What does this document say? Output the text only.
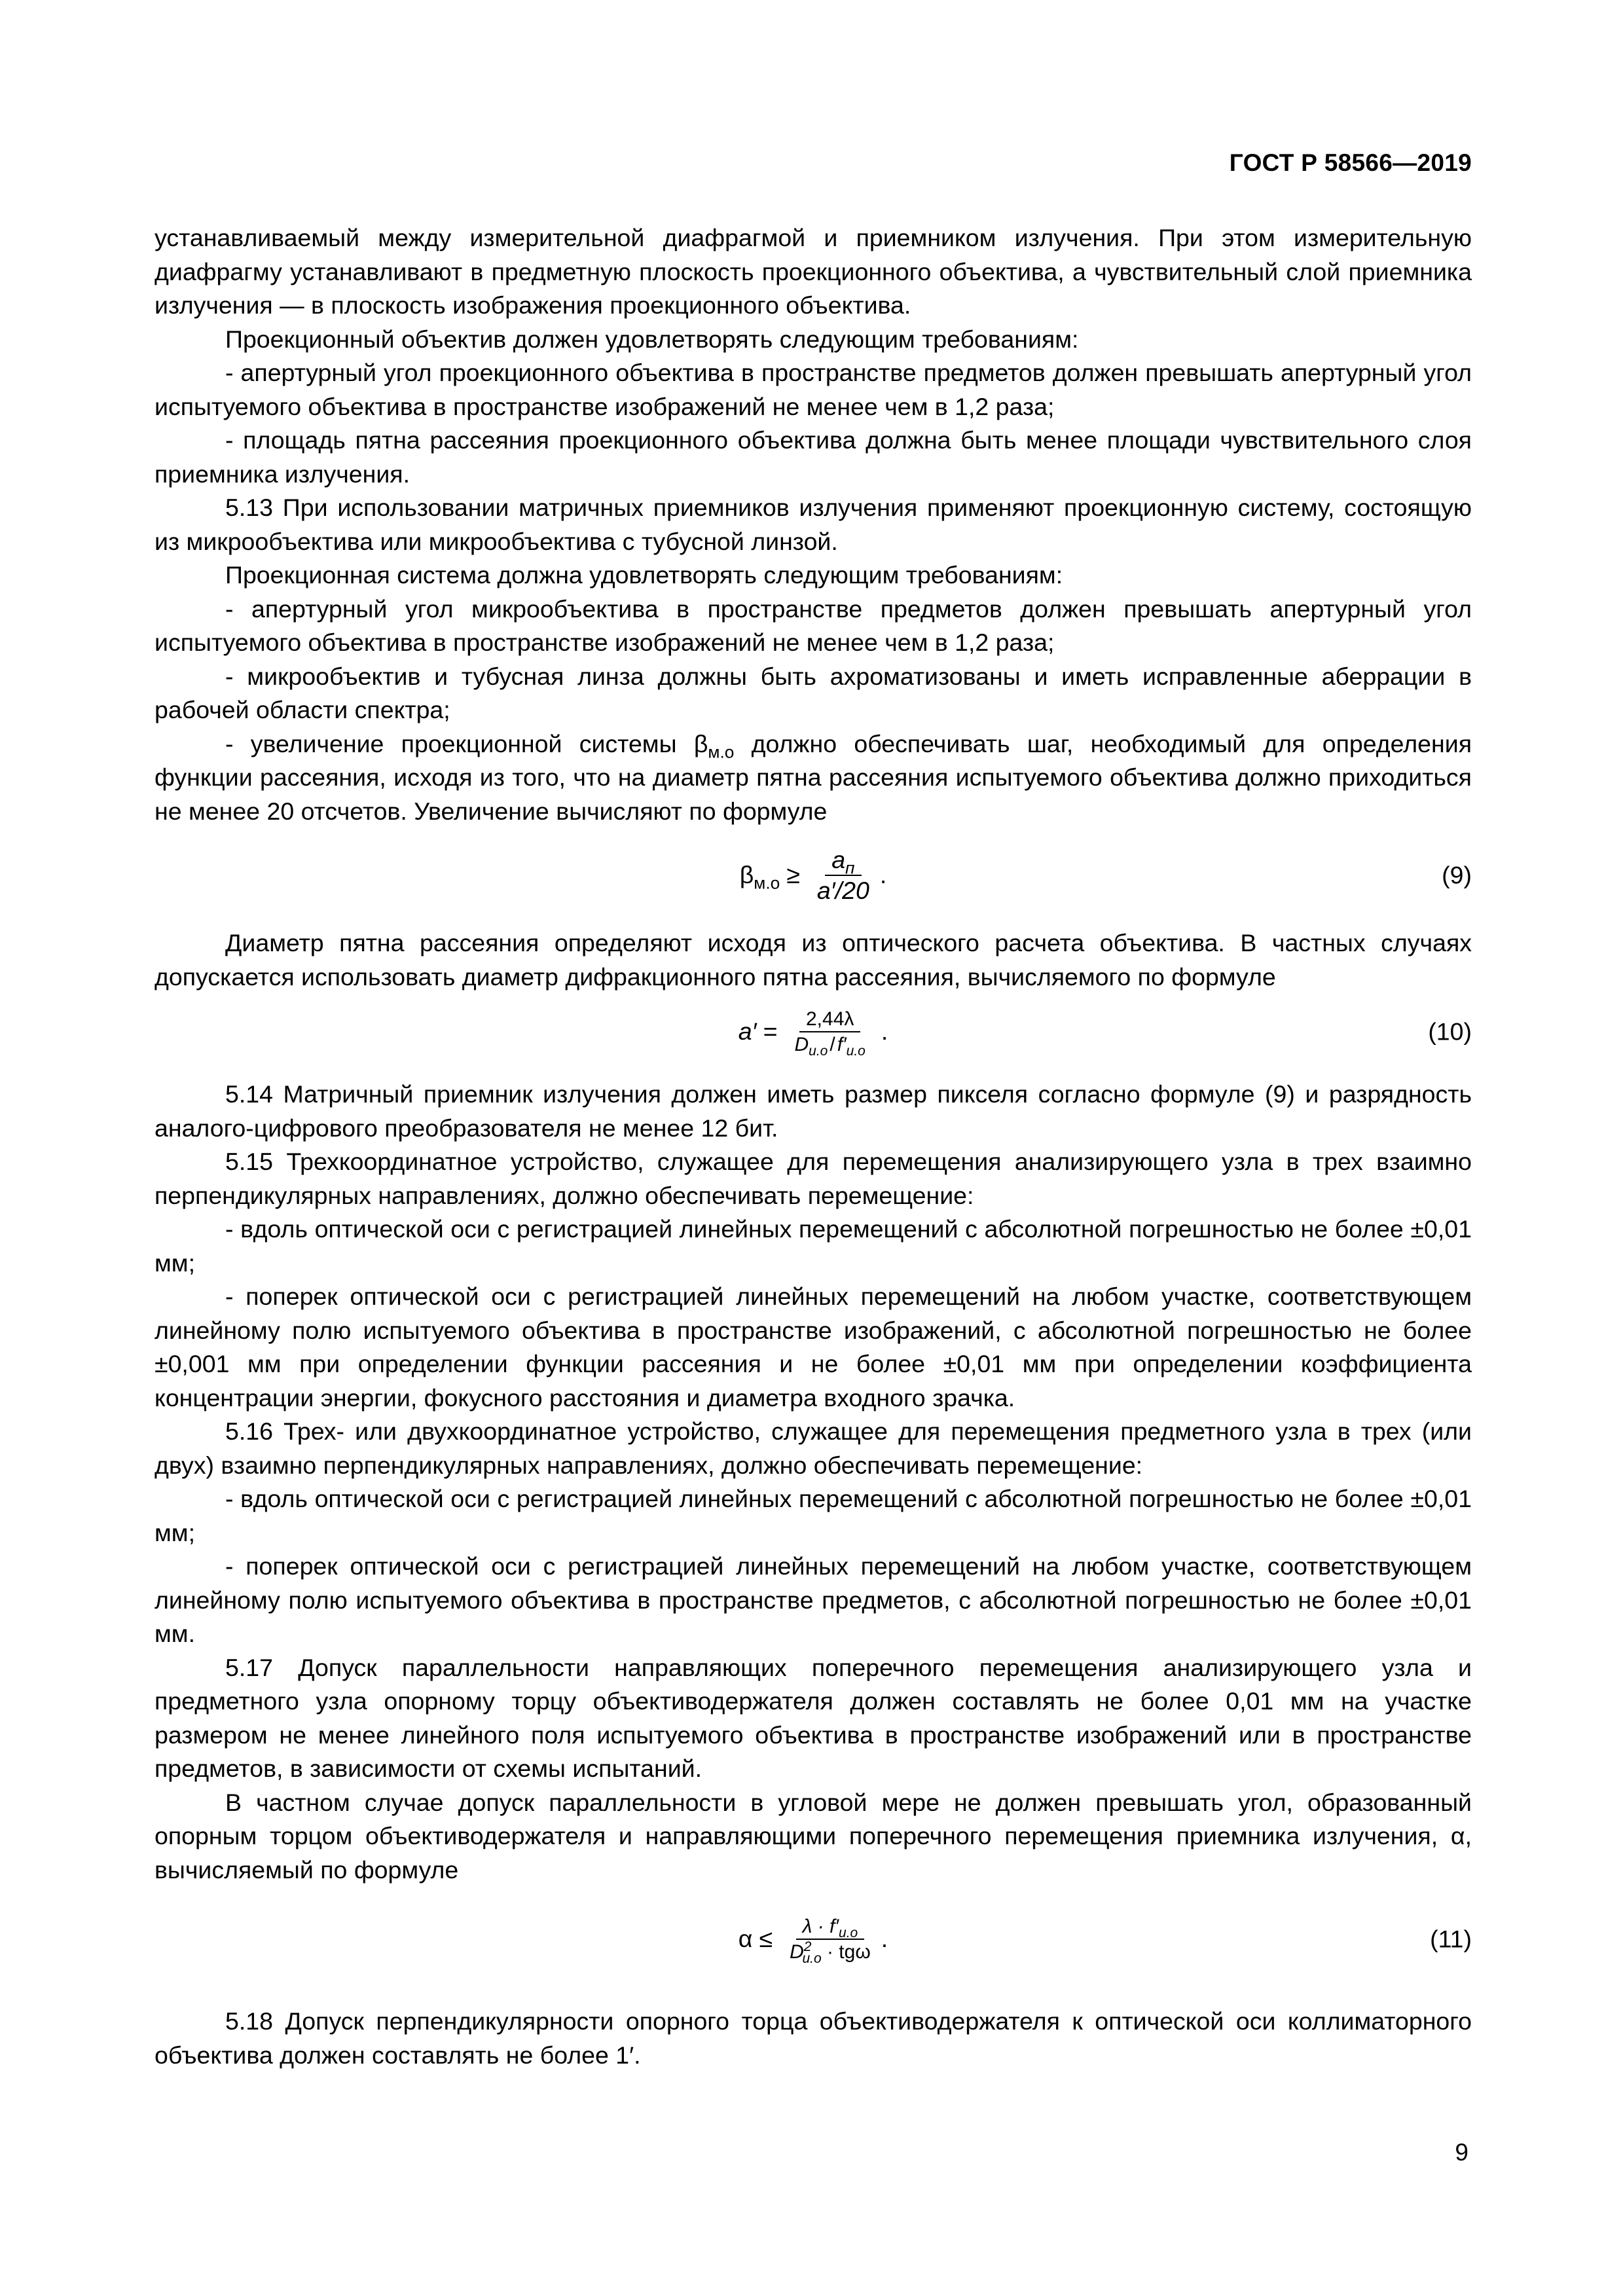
ГОСТ Р 58566—2019

устанавливаемый между измерительной диафрагмой и приемником излучения. При этом измерительную диафрагму устанавливают в предметную плоскость проекционного объектива, а чувствительный слой приемника излучения — в плоскость изображения проекционного объектива.

Проекционный объектив должен удовлетворять следующим требованиям:

- апертурный угол проекционного объектива в пространстве предметов должен превышать апертурный угол испытуемого объектива в пространстве изображений не менее чем в 1,2 раза;

- площадь пятна рассеяния проекционного объектива должна быть менее площади чувствительного слоя приемника излучения.

5.13 При использовании матричных приемников излучения применяют проекционную систему, состоящую из микрообъектива или микрообъектива с тубусной линзой.

Проекционная система должна удовлетворять следующим требованиям:

- апертурный угол микрообъектива в пространстве предметов должен превышать апертурный угол испытуемого объектива в пространстве изображений не менее чем в 1,2 раза;

- микрообъектив и тубусная линза должны быть ахроматизованы и иметь исправленные аберрации в рабочей области спектра;

- увеличение проекционной системы $\beta_{м.о}$ должно обеспечивать шаг, необходимый для определения функции рассеяния, исходя из того, что на диаметр пятна рассеяния испытуемого объектива должно приходиться не менее 20 отсчетов. Увеличение вычисляют по формуле

$\beta_{м.о} \ge \frac{a_п}{a'/20}$ .	(9)

Диаметр пятна рассеяния определяют исходя из оптического расчета объектива. В частных случаях допускается использовать диаметр дифракционного пятна рассеяния, вычисляемого по формуле

$a' = \frac{2,44\lambda}{D_{и.о} / f'_{и.о}}$ .	(10)

5.14 Матричный приемник излучения должен иметь размер пикселя согласно формуле (9) и разрядность аналого-цифрового преобразователя не менее 12 бит.

5.15 Трехкоординатное устройство, служащее для перемещения анализирующего узла в трех взаимно перпендикулярных направлениях, должно обеспечивать перемещение:

- вдоль оптической оси с регистрацией линейных перемещений с абсолютной погрешностью не более ±0,01 мм;

- поперек оптической оси с регистрацией линейных перемещений на любом участке, соответствующем линейному полю испытуемого объектива в пространстве изображений, с абсолютной погрешностью не более ±0,001 мм при определении функции рассеяния и не более ±0,01 мм при определении коэффициента концентрации энергии, фокусного расстояния и диаметра входного зрачка.

5.16 Трех- или двухкоординатное устройство, служащее для перемещения предметного узла в трех (или двух) взаимно перпендикулярных направлениях, должно обеспечивать перемещение:

- вдоль оптической оси с регистрацией линейных перемещений с абсолютной погрешностью не более ±0,01 мм;

- поперек оптической оси с регистрацией линейных перемещений на любом участке, соответствующем линейному полю испытуемого объектива в пространстве предметов, с абсолютной погрешностью не более ±0,01 мм.

5.17 Допуск параллельности направляющих поперечного перемещения анализирующего узла и предметного узла опорному торцу объективодержателя должен составлять не более 0,01 мм на участке размером не менее линейного поля испытуемого объектива в пространстве изображений или в пространстве предметов, в зависимости от схемы испытаний.

В частном случае допуск параллельности в угловой мере не должен превышать угол, образованный опорным торцом объективодержателя и направляющими поперечного перемещения приемника излучения, α, вычисляемый по формуле

$\alpha \le \frac{\lambda \cdot f'_{и.о}}{D^2_{и.о} \cdot tg\omega}$ .	(11)

5.18 Допуск перпендикулярности опорного торца объективодержателя к оптической оси коллиматорного объектива должен составлять не более 1′.

9
